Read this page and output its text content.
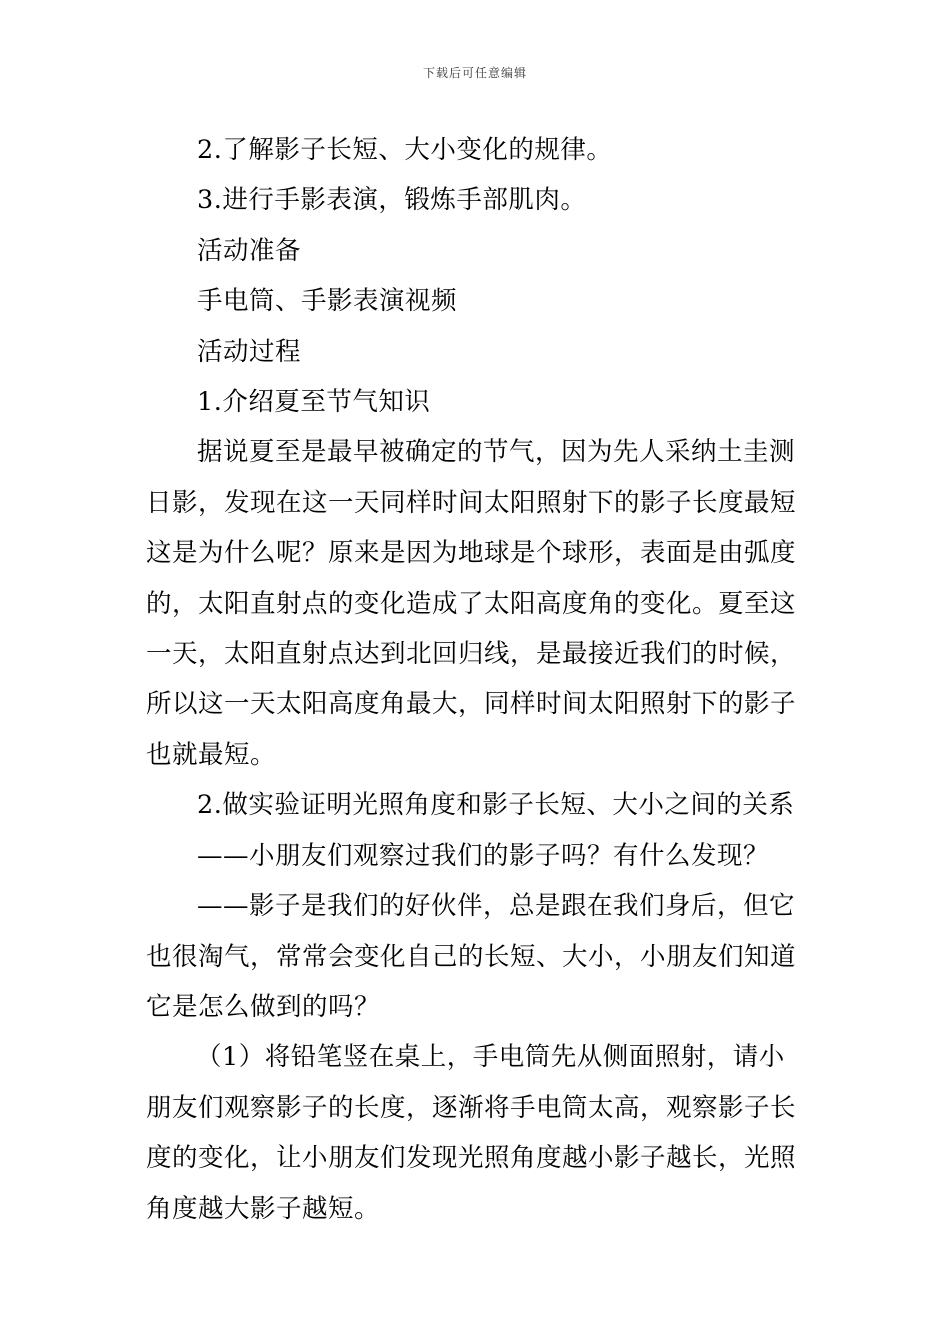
下载后可任意编辑

2.了解影子长短、大小变化的规律。

3.进行手影表演，锻炼手部肌肉。

活动准备

手电筒、手影表演视频

活动过程

1.介绍夏至节气知识

据说夏至是最早被确定的节气，因为先人采纳土圭测日影，发现在这一天同样时间太阳照射下的影子长度最短这是为什么呢？原来是因为地球是个球形，表面是由弧度的，太阳直射点的变化造成了太阳高度角的变化。夏至这一天，太阳直射点达到北回归线，是最接近我们的时候，所以这一天太阳高度角最大，同样时间太阳照射下的影子也就最短。

2.做实验证明光照角度和影子长短、大小之间的关系

——小朋友们观察过我们的影子吗？有什么发现？

——影子是我们的好伙伴，总是跟在我们身后，但它也很淘气，常常会变化自己的长短、大小，小朋友们知道它是怎么做到的吗？

（1）将铅笔竖在桌上，手电筒先从侧面照射，请小朋友们观察影子的长度，逐渐将手电筒太高，观察影子长度的变化，让小朋友们发现光照角度越小影子越长，光照角度越大影子越短。
